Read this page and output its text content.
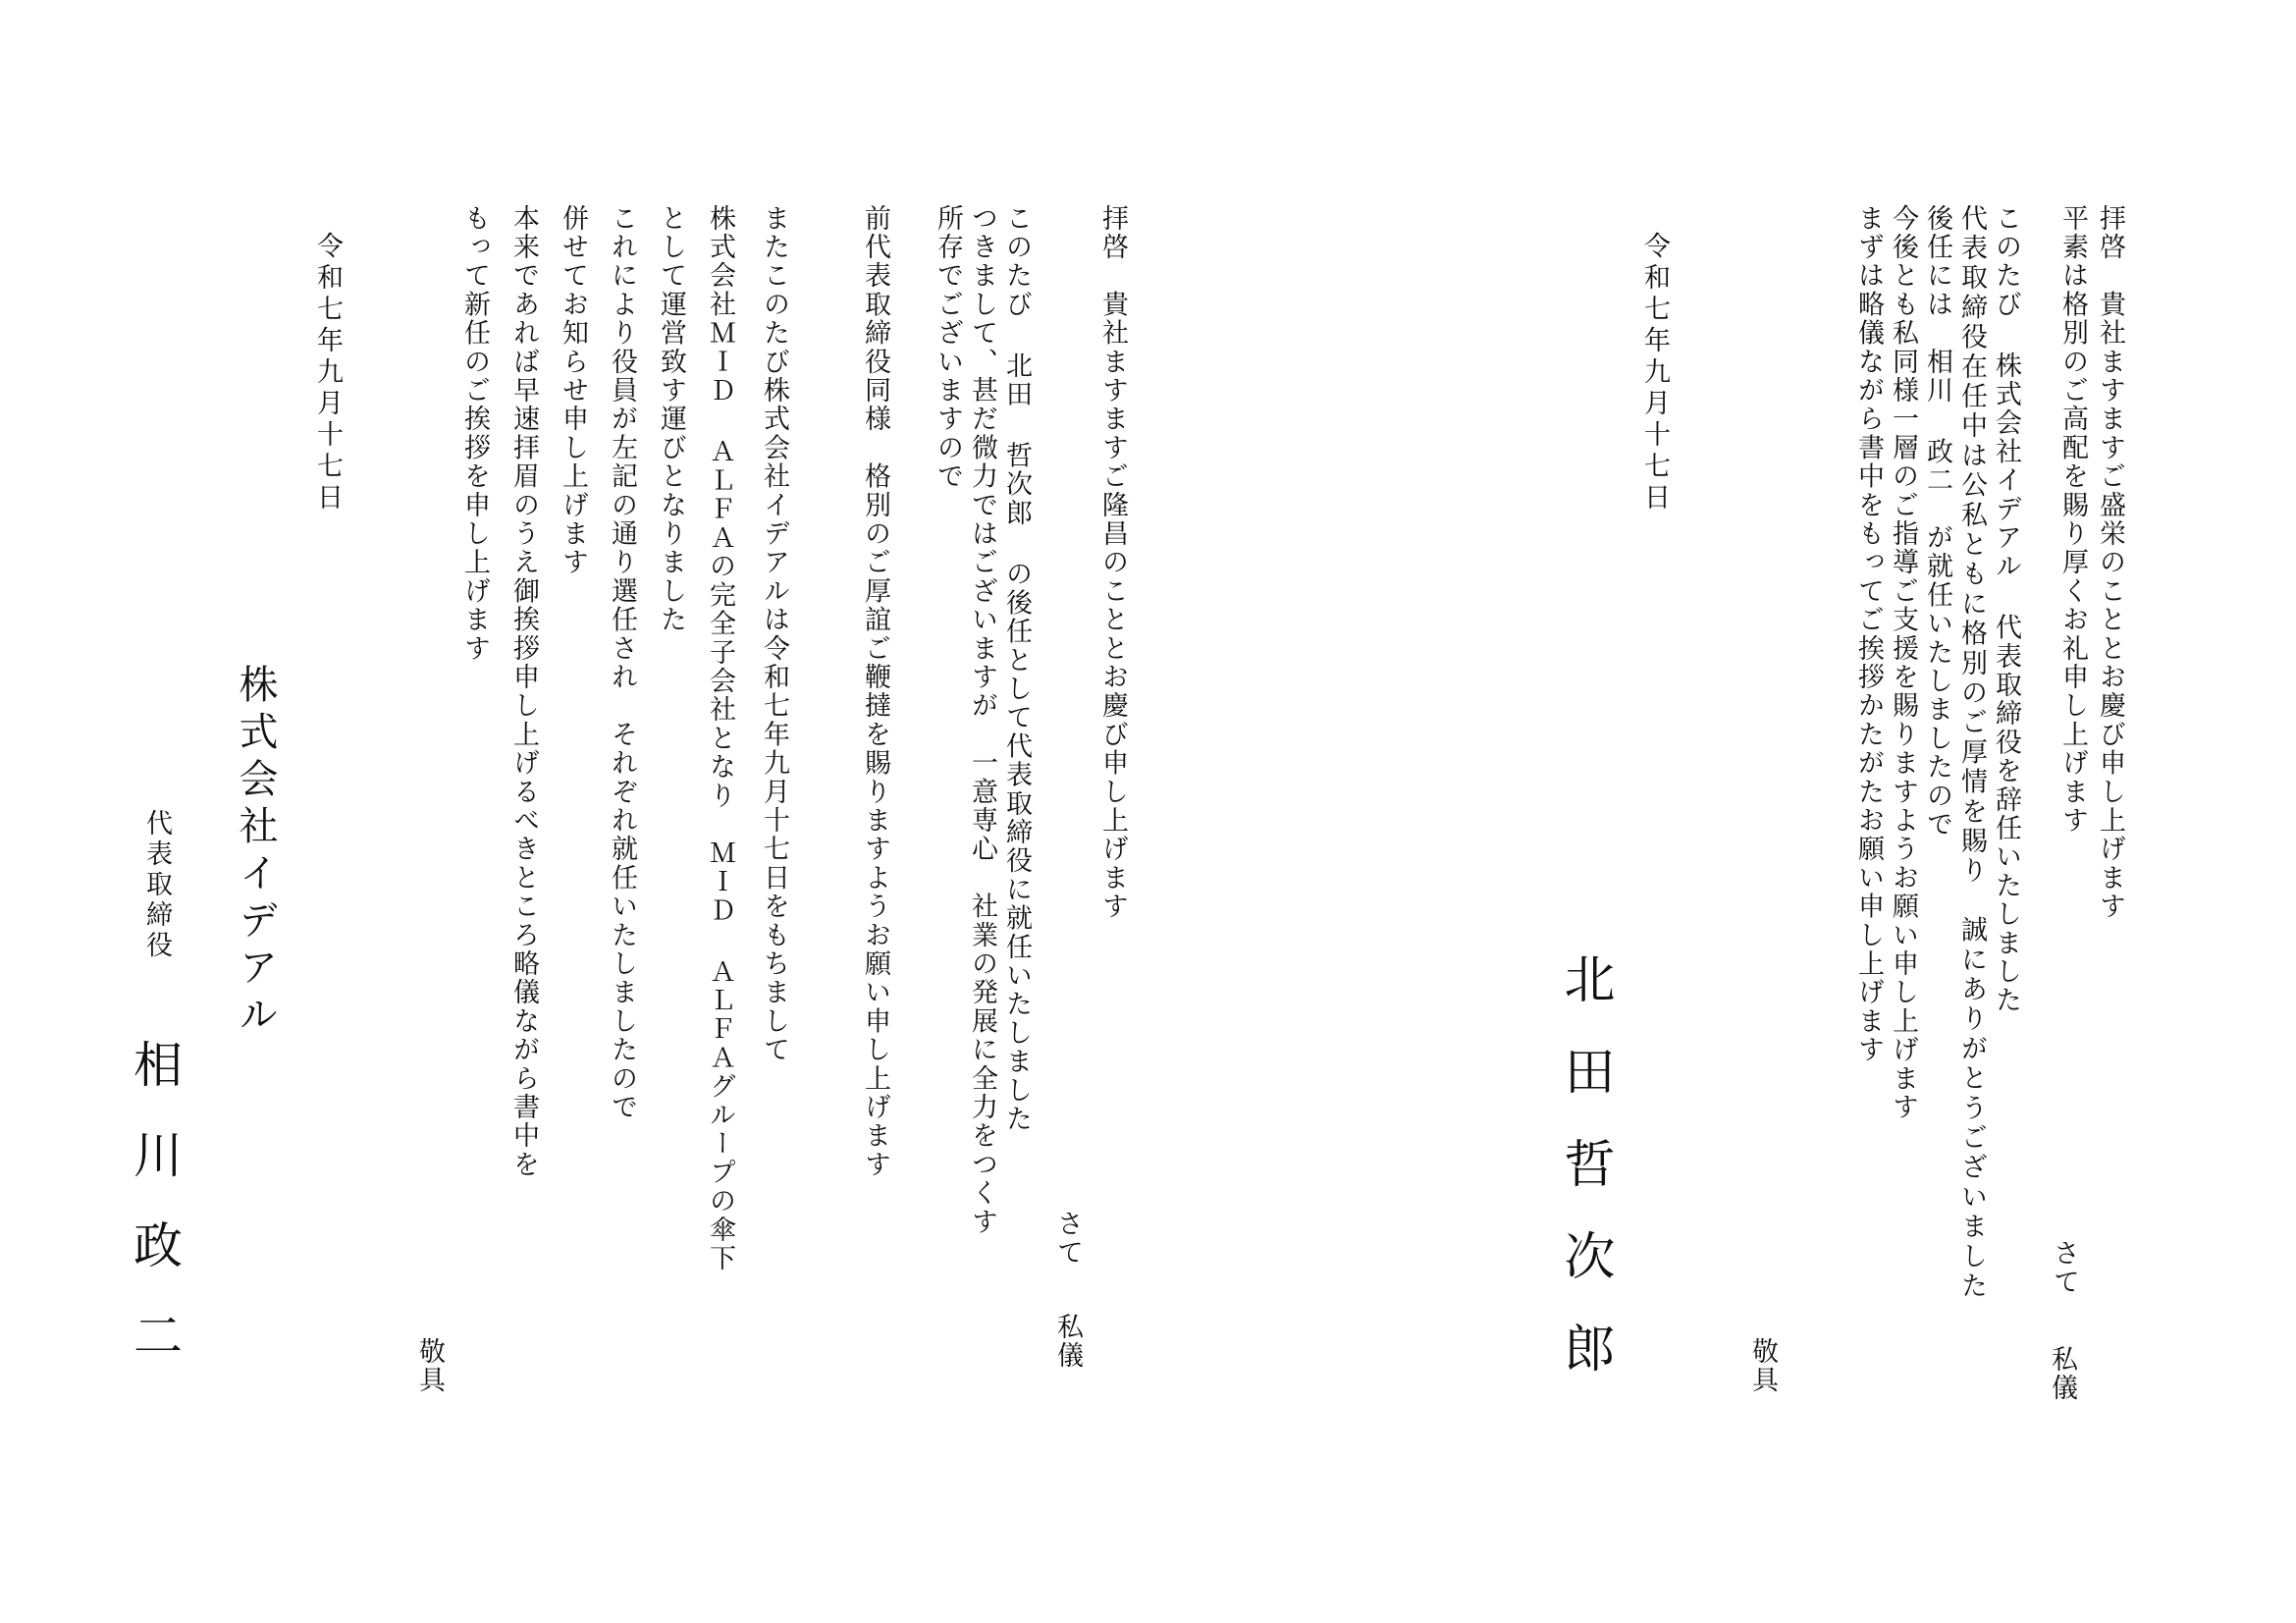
拝啓　貴社ますますご盛栄のこととお慶び申し上げます

平素は格別のご高配を賜り厚くお礼申し上げます

さて

私儀

このたび 株式会社イデアル 代表取締役を辞任いたしました

代表取締役在任中は公私ともに格別のご厚情を賜り　誠にありがとうございました

後任には　相川 政二　が就任いたしましたので

今後とも私同様一層のご指導ご支援を賜りますようお願い申し上げます

まずは略儀ながら書中をもってご挨拶かたがたお願い申し上げます

敬具

令和七年九月十七日

北田哲次郎

拝啓　貴社ますますご隆昌のこととお慶び申し上げます

さて

私儀

このたび 北田 哲次郎 の後任として代表取締役に就任いたしました

つきまして、甚だ微力ではございますが　一意専心　社業の発展に全力をつくす

所存でございますので

前代表取締役同様　格別のご厚誼ご鞭撻を賜りますようお願い申し上げます

またこのたび株式会社イデアルは令和七年九月十七日をもちまして

株式会社ＭＩＤ ＡＬＦＡの完全子会社となり　ＭＩＤ ＡＬＦＡグループの傘下

として運営致す運びとなりました

これにより役員が左記の通り選任され　それぞれ就任いたしましたので

併せてお知らせ申し上げます

本来であれば早速拝眉のうえ御挨拶申し上げるべきところ略儀ながら書中を

もって新任のご挨拶を申し上げます

敬具

令和七年九月十七日

株式会社イデアル

代表取締役

相川政二
